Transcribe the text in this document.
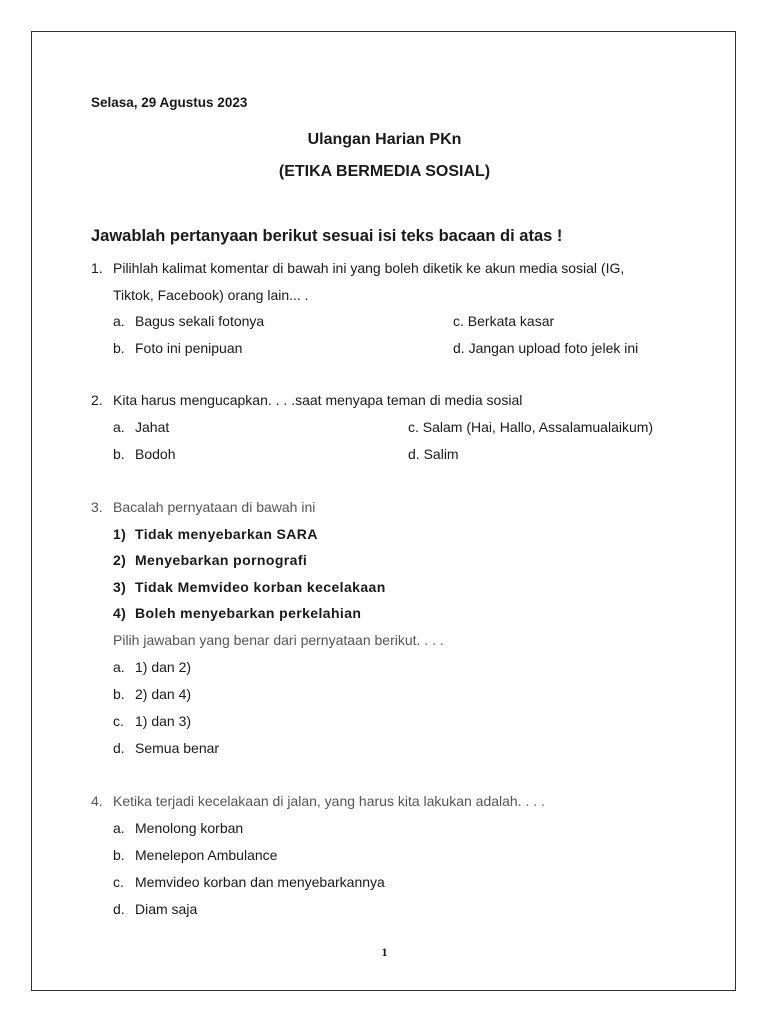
Selasa, 29 Agustus 2023
Ulangan Harian PKn
(ETIKA BERMEDIA SOSIAL)
Jawablah pertanyaan berikut sesuai isi teks bacaan di atas !
1. Pilihlah kalimat komentar di bawah ini yang boleh diketik ke akun media sosial (IG,
Tiktok, Facebook) orang lain... .
a. Bagus sekali fotonya
b. Foto ini penipuan
c. Berkata kasar
d. Jangan upload foto jelek ini
2. Kita harus mengucapkan. . . .saat menyapa teman di media sosial
a. Jahat
b. Bodoh
c. Salam (Hai, Hallo, Assalamualaikum)
d. Salim
3. Bacalah pernyataan di bawah ini
1) Tidak menyebarkan SARA
2) Menyebarkan pornografi
3) Tidak Memvideo korban kecelakaan
4) Boleh menyebarkan perkelahian
Pilih jawaban yang benar dari pernyataan berikut. . . .
a. 1) dan 2)
b. 2) dan 4)
c. 1) dan 3)
d. Semua benar
4. Ketika terjadi kecelakaan di jalan, yang harus kita lakukan adalah. . . .
a. Menolong korban
b. Menelepon Ambulance
c. Memvideo korban dan menyebarkannya
d. Diam saja
1
